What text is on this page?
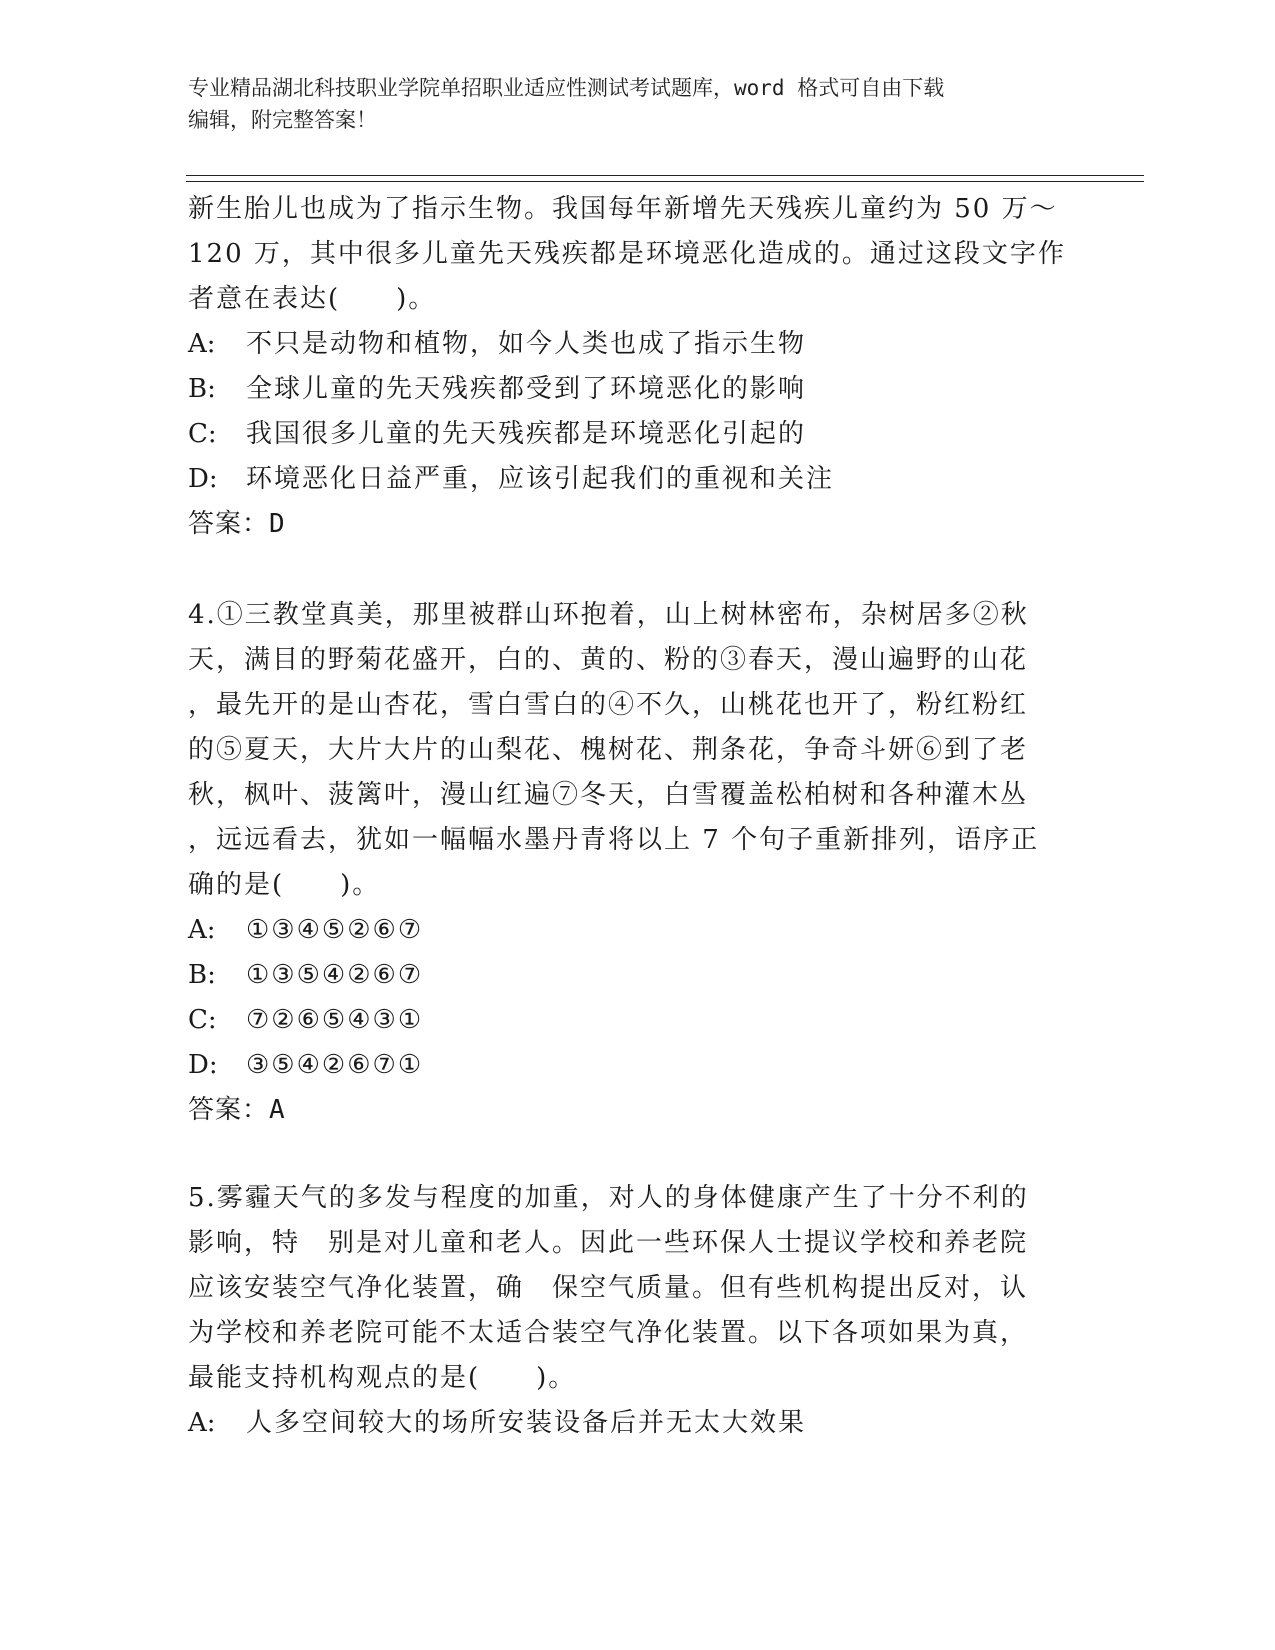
专业精品湖北科技职业学院单招职业适应性测试考试题库，word 格式可自由下载
编辑，附完整答案！
新生胎儿也成为了指示生物。我国每年新增先天残疾儿童约为 50 万～
120 万，其中很多儿童先天残疾都是环境恶化造成的。通过这段文字作
者意在表达(　　)。
A:	不只是动物和植物，如今人类也成了指示生物
B:	全球儿童的先天残疾都受到了环境恶化的影响
C:	我国很多儿童的先天残疾都是环境恶化引起的
D:	环境恶化日益严重，应该引起我们的重视和关注
答案：D
4.①三教堂真美，那里被群山环抱着，山上树林密布，杂树居多②秋
天，满目的野菊花盛开，白的、黄的、粉的③春天，漫山遍野的山花
，最先开的是山杏花，雪白雪白的④不久，山桃花也开了，粉红粉红
的⑤夏天，大片大片的山梨花、槐树花、荆条花，争奇斗妍⑥到了老
秋，枫叶、菠篱叶，漫山红遍⑦冬天，白雪覆盖松柏树和各种灌木丛
，远远看去，犹如一幅幅水墨丹青将以上 7 个句子重新排列，语序正
确的是(　　)。
A:	①③④⑤②⑥⑦
B:	①③⑤④②⑥⑦
C:	⑦②⑥⑤④③①
D:	③⑤④②⑥⑦①
答案：A
5.雾霾天气的多发与程度的加重，对人的身体健康产生了十分不利的
影响，特　别是对儿童和老人。因此一些环保人士提议学校和养老院
应该安装空气净化装置，确　保空气质量。但有些机构提出反对，认
为学校和养老院可能不太适合装空气净化装置。以下各项如果为真，
最能支持机构观点的是(　　)。
A:	人多空间较大的场所安装设备后并无太大效果
